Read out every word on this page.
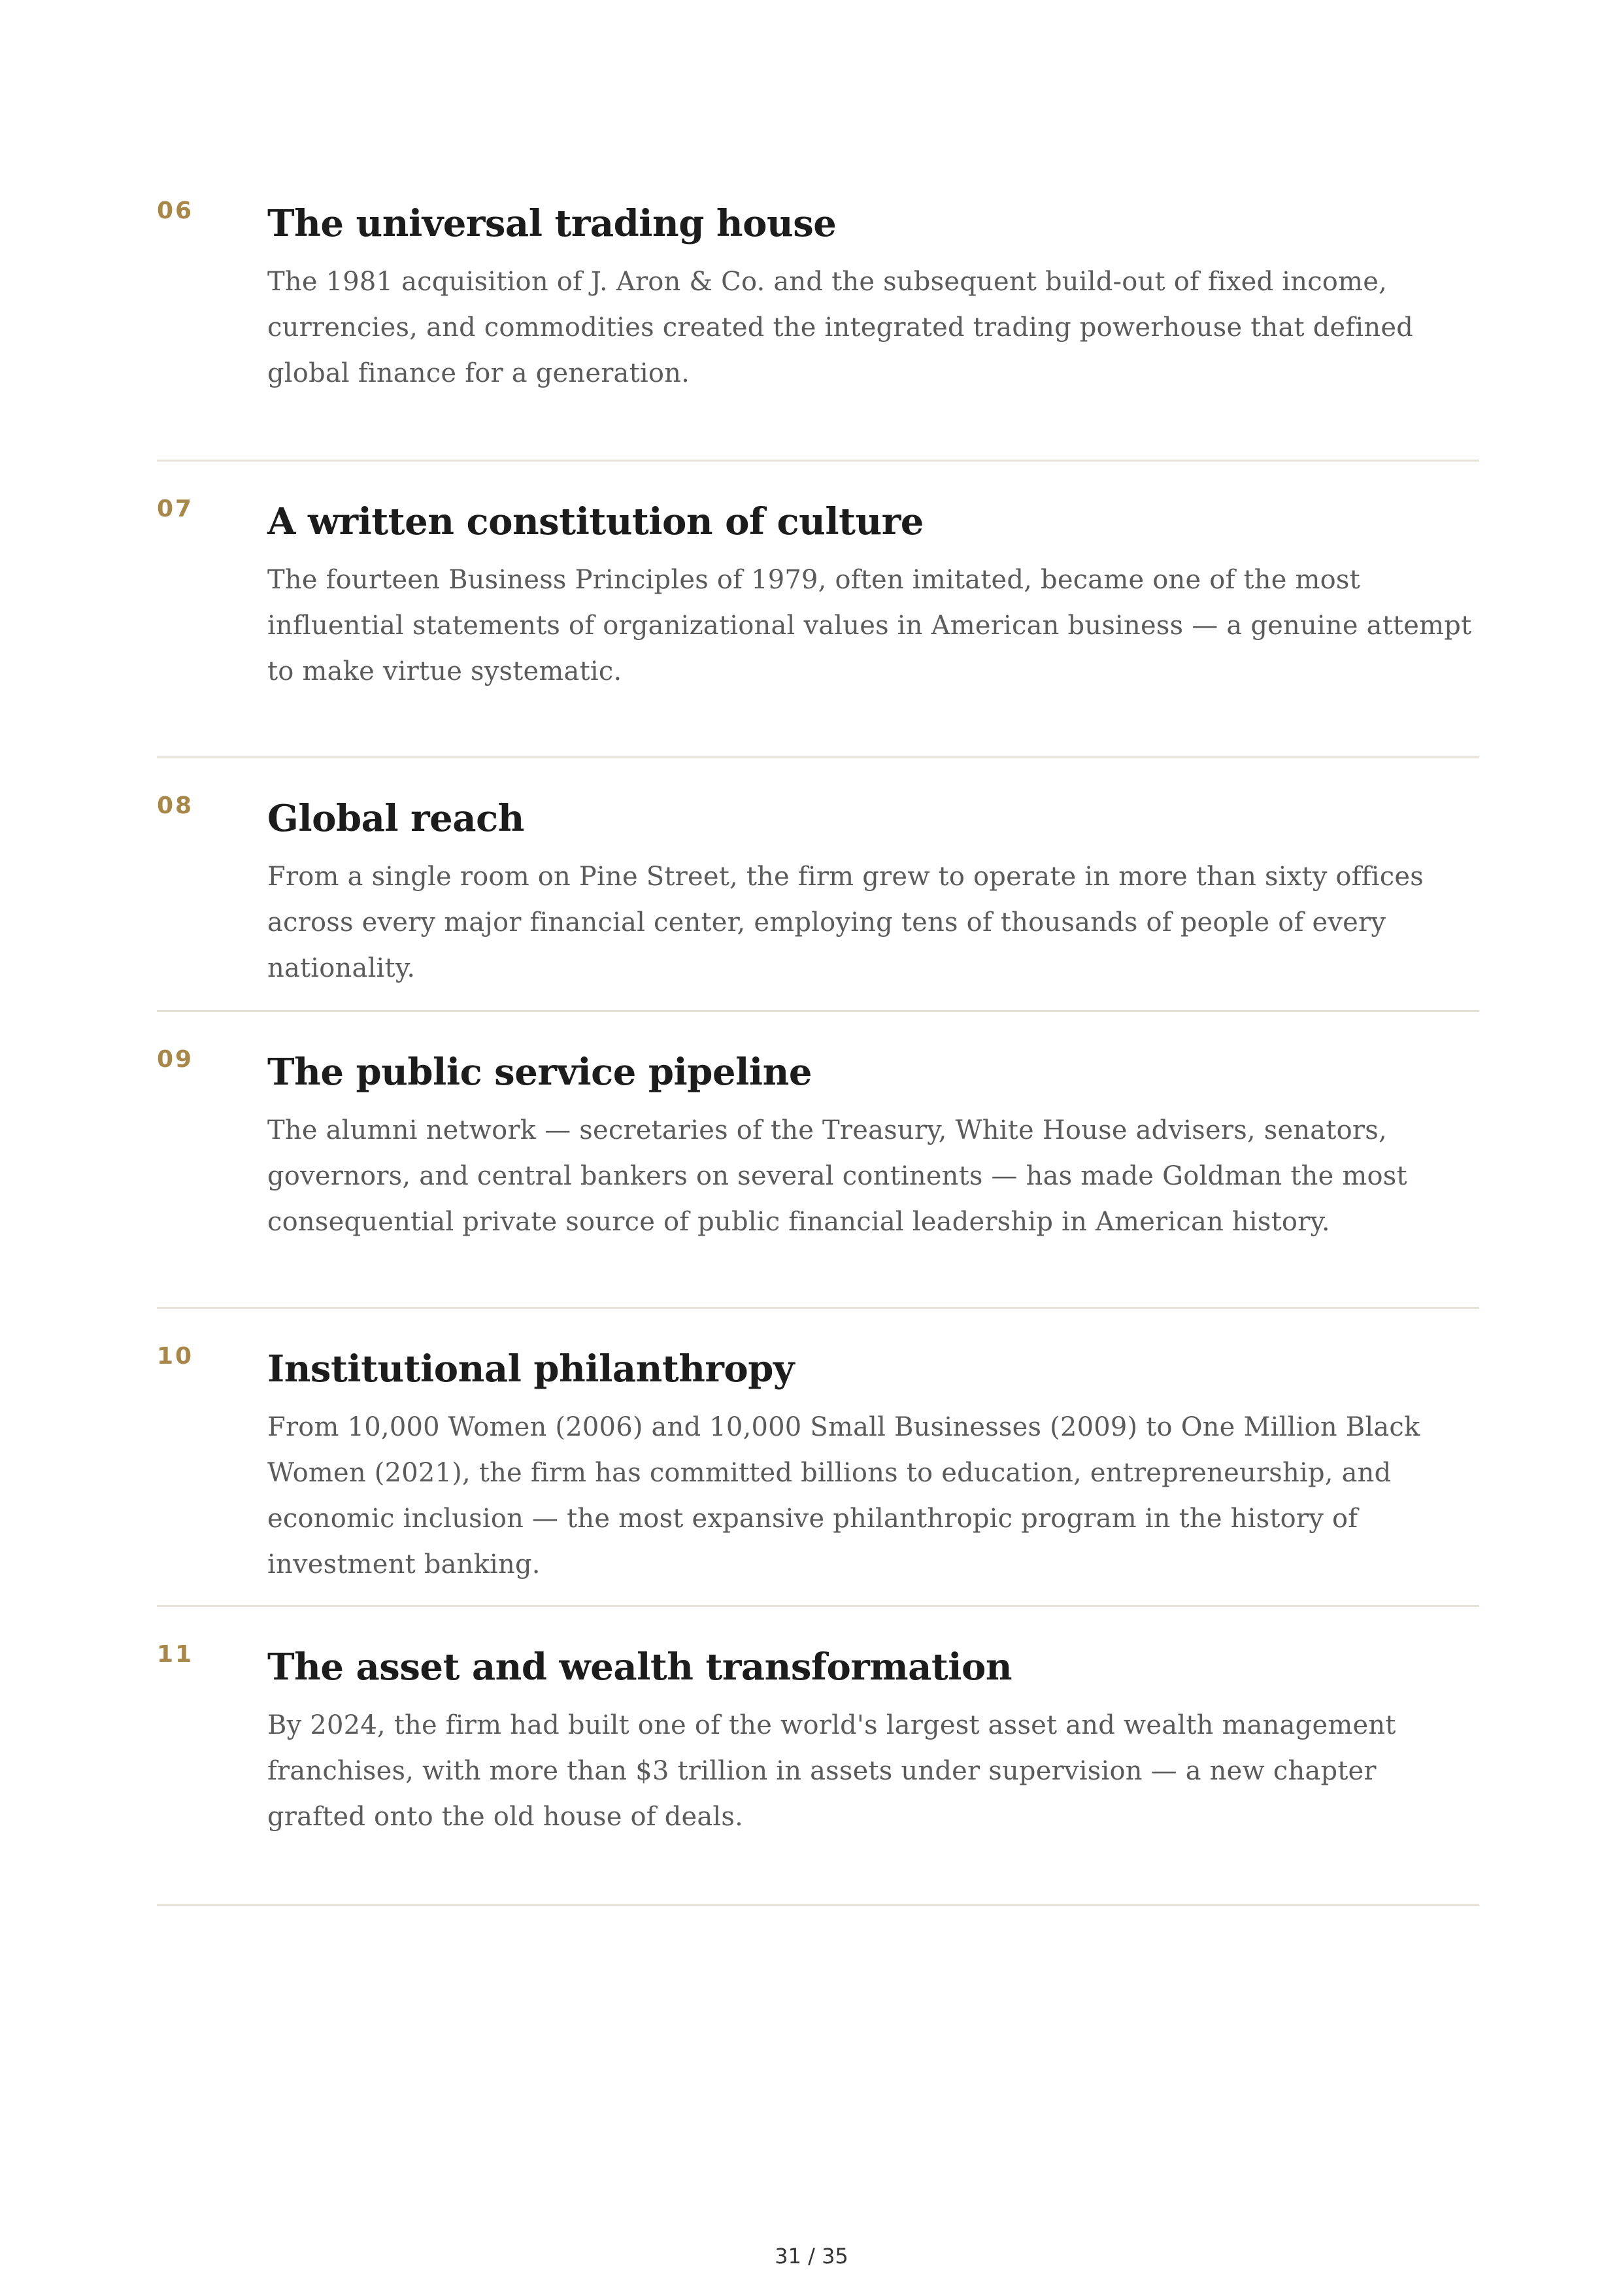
06 The universal trading house

The 1981 acquisition of J. Aron & Co. and the subsequent build-out of fixed income, currencies, and commodities created the integrated trading powerhouse that defined global finance for a generation.

07 A written constitution of culture

The fourteen Business Principles of 1979, often imitated, became one of the most influential statements of organizational values in American business — a genuine attempt to make virtue systematic.

08 Global reach

From a single room on Pine Street, the firm grew to operate in more than sixty offices across every major financial center, employing tens of thousands of people of every nationality.

09 The public service pipeline

The alumni network — secretaries of the Treasury, White House advisers, senators, governors, and central bankers on several continents — has made Goldman the most consequential private source of public financial leadership in American history.

10 Institutional philanthropy

From 10,000 Women (2006) and 10,000 Small Businesses (2009) to One Million Black Women (2021), the firm has committed billions to education, entrepreneurship, and economic inclusion — the most expansive philanthropic program in the history of investment banking.

11 The asset and wealth transformation

By 2024, the firm had built one of the world's largest asset and wealth management franchises, with more than $3 trillion in assets under supervision — a new chapter grafted onto the old house of deals.

31 / 35
